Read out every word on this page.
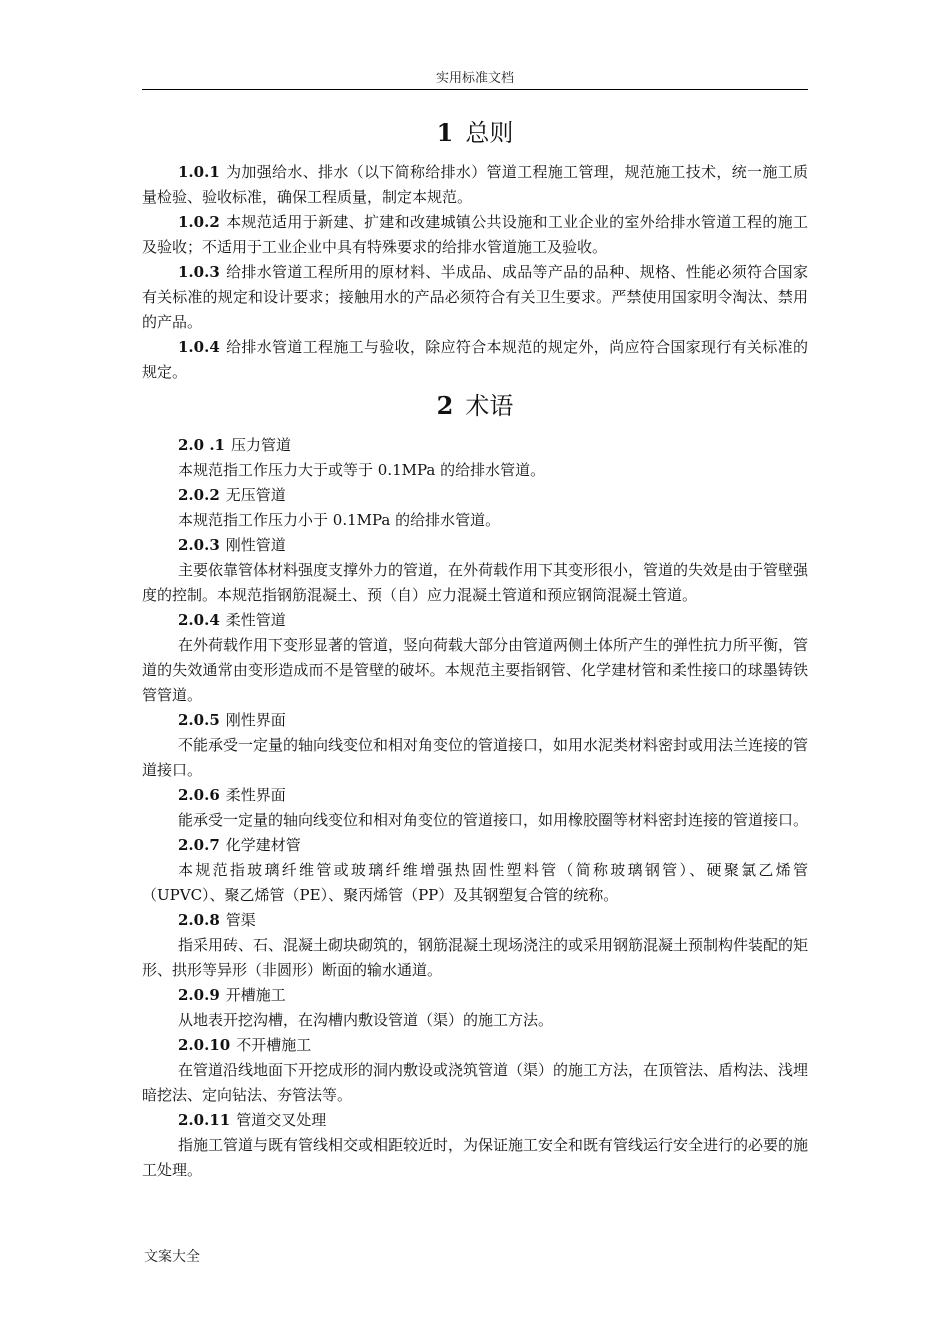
实用标准文档
1 总则

1.0.1 为加强给水、排水（以下简称给排水）管道工程施工管理，规范施工技术，统一施工质量检验、验收标准，确保工程质量，制定本规范。

1.0.2 本规范适用于新建、扩建和改建城镇公共设施和工业企业的室外给排水管道工程的施工及验收；不适用于工业企业中具有特殊要求的给排水管道施工及验收。

1.0.3 给排水管道工程所用的原材料、半成品、成品等产品的品种、规格、性能必须符合国家有关标准的规定和设计要求；接触用水的产品必须符合有关卫生要求。严禁使用国家明令淘汰、禁用的产品。

1.0.4 给排水管道工程施工与验收，除应符合本规范的规定外，尚应符合国家现行有关标准的规定。

2 术语

2.0 .1 压力管道

本规范指工作压力大于或等于 0.1MPa 的给排水管道。

2.0.2 无压管道

本规范指工作压力小于 0.1MPa 的给排水管道。

2.0.3 刚性管道

主要依靠管体材料强度支撑外力的管道，在外荷载作用下其变形很小，管道的失效是由于管壁强度的控制。本规范指钢筋混凝土、预（自）应力混凝土管道和预应钢筒混凝土管道。

2.0.4 柔性管道

在外荷载作用下变形显著的管道，竖向荷载大部分由管道两侧土体所产生的弹性抗力所平衡，管道的失效通常由变形造成而不是管壁的破坏。本规范主要指钢管、化学建材管和柔性接口的球墨铸铁管管道。

2.0.5 刚性界面

不能承受一定量的轴向线变位和相对角变位的管道接口，如用水泥类材料密封或用法兰连接的管道接口。

2.0.6 柔性界面

能承受一定量的轴向线变位和相对角变位的管道接口，如用橡胶圈等材料密封连接的管道接口。

2.0.7 化学建材管

本规范指玻璃纤维管或玻璃纤维增强热固性塑料管（简称玻璃钢管）、硬聚氯乙烯管（UPVC）、聚乙烯管（PE）、聚丙烯管（PP）及其钢塑复合管的统称。

2.0.8 管渠

指采用砖、石、混凝土砌块砌筑的，钢筋混凝土现场浇注的或采用钢筋混凝土预制构件装配的矩形、拱形等异形（非圆形）断面的输水通道。

2.0.9 开槽施工

从地表开挖沟槽，在沟槽内敷设管道（渠）的施工方法。

2.0.10 不开槽施工

在管道沿线地面下开挖成形的洞内敷设或浇筑管道（渠）的施工方法，在顶管法、盾构法、浅埋暗挖法、定向钻法、夯管法等。

2.0.11 管道交叉处理

指施工管道与既有管线相交或相距较近时，为保证施工安全和既有管线运行安全进行的必要的施工处理。

文案大全
